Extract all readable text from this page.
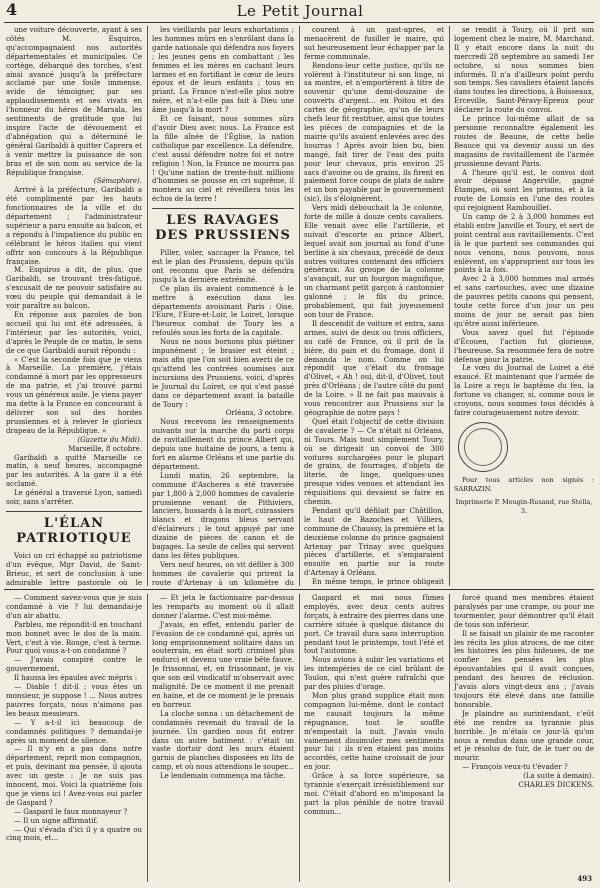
4	Le Petit Journal

une voiture découverte, ayant à ses côtés M. Esquiros, qu'accompagnaient nos autorités départementales et municipales. Ce cortège, débarqué des torches, s'est ainsi avancé jusqu'à la préfecture acclamé par une foule immense, avide de témoigner, par ses applaudissements et ses vivats en l'honneur du héros de Marsala, les sentiments de gratitude que lui inspire l'acte de dévouement et d'abnégation qui a déterminé le général Garibaldi à quitter Caprera et à venir mettre la puissance de son bras et de son nom au service de la République française.

(Sémaphore).

Arrivé à la préfecture, Garibaldi a été complimenté par les hauts fonctionnaires de la ville et du département ; l'administrateur supérieur a paru ensuite au balcon, et a répondu à l'impatience du public en célébrant le héros italien qui vient offrir son concours à la République française.

M. Esquiros a dit, de plus, que Garibaldi, se trouvant très-fatigué, s'excusait de ne pouvoir satisfaire au vœu du peuple qui demandait à le voir paraître au balcon.

En réponse aux paroles de bon accueil qui lui ont été adressées, à l'intérieur, par les autorités, voici, d'après le Peuple de ce matin, le sens de ce que Garibaldi aurait répondu :

« C'est la seconde fois que je viens à Marseille. La première, j'étais condamné à mort par les oppresseurs de ma patrie, et j'ai trouvé parmi vous un généreux asile. Je viens payer ma dette à la France en concourant à délivrer son sol des hordes prussiennes et à relever le glorieux drapeau de la République. »

(Gazette du Midi).

Marseille, 8 octobre.

Garibaldi a quitté Marseille ce matin, à neuf heures, accompagné par les autorités. A la gare il a été acclamé.

Le général a traversé Lyon, samedi soir, sans s'arrêter.

L'ÉLAN PATRIOTIQUE

Voici un cri échappé au patriotisme d'un évêque, Mgr David, de Saint-Brieuc, et sert de conclusion à une admirable lettre pastorale où le

les vieillards par leurs exhortations ; les hommes mûrs en s'enrôlant dans la garde nationale qui défendra nos foyers ; les jeunes gens en combattant ; les femmes et les mères en cachant leurs larmes et en fortifiant le cœur de leurs époux et de leurs enfants ; tous en priant. La France n'est-elle plus notre mère, et n'a-t-elle pas fait à Dieu une âme jusqu'à la mort ?

Et ce faisant, nous sommes sûrs d'avoir Dieu avec nous. La France est la fille aînée de l'Église, la nation catholique par excellence. La défendre, c'est aussi défendre notre foi et notre religion ! Non, la France ne mourra pas ! Qu'une nation de trente-huit millions d'hommes se pousse en cri suprême, il montera au ciel et réveillera tous les échos de la terre !

LES RAVAGES DES PRUSSIENS

Piller, voler, saccager la France, tel est le plan des Prussiens, depuis qu'ils ont reconnu que Paris se défendra jusqu'à la dernière extrémité.

Ce plan ils avaient commencé à le mettre à exécution dans les départements avoisinant Paris : Oise, l'Eure, l'Eure-et-Loir, le Loiret, lorsque l'heureux combat de Toury les a refoulés sous les forts de la capitale.

Nous ne nous bornons plus piétiner impunément ; le brasier est éteint ; mais afin que l'on soit bien averti de ce qu'attend les contrées soumises aux incursions des Prussiens, voici, d'après le Journal du Loiret, ce qui s'est passé dans ce département avant la bataille de Toury :

Orléans, 3 octobre.

Nous recevons les renseignements suivants sur la marche du parti corps de ravitaillement du prince Albert qui, depuis une huitaine de jours, a tenu à fort en alarme Orléans et une partie du département.

Lundi matin, 26 septembre, la commune d'Ascheres a été traversée par 1,800 à 2,000 hommes de cavalerie prussienne venant de Pithiviers, lanciers, hussards à la mort, cuirassiers blancs et dragons bleus servant d'éclaireurs ; le tout appuyé par une dizaine de pièces de canon et de bagages. La seule de celles qui servent dans les fêtes publiques.

Vers neuf heures, on vit défiler à 300 hommes de cavalerie qui prirent la route d'Artenay à un kilomètre du

courent à un gast-apres, et menacèrent de fusiller le maire, qui sut heureusement leur échapper par la ferme communale.

Rendons-leur cette justice, qu'ils ne volèrent à l'instituteur ni son linge, ni sa montre, et n'emportèrent à titre de souvenir qu'une demi-douzaine de couverts d'argent... en Poitou et des cartes de géographie, qu'un de leurs chefs leur fit restituer, ainsi que toutes les pièces de compagnies et de la mairie qu'ils avaient enlevées avec des hourras ! Après avoir bien bu, bien mangé, fait tirer de l'eau des puits pour leur chevaux, pris environ 25 sacs d'avoine ou de grains, ils firent en paiement force coups de plats de sabre et un bon payable par le gouvernement (sic), ils s'éloignèrent.

Vers midi débouchait la 3e colonne, forte de mille à douze cents cavaliers. Elle venait avec elle l'artillerie, et suivait d'escorte au prince Albert, lequel avait son journal au fond d'une berline à six chevaux, précédé de deux autres voitures contenant des officiers généraux. Au groupe de la colonne s'avançait, sur un fourgon magnifique, un charmant petit garçon à cantonnier galonné ; le fils du prince, probablement, qui fait joyeusement son tour de France.

Il descendit de voiture et entra, sans armes, suivi de deux ou trois officiers, au café de France, où il prit de la bière, du pain et du fromage, dont il demanda le nom. Comme on lui répondit que c'était du fromage d'Olivet, « Ah ! oui, dit-il, d'Olivet, tout près d'Orléans ; de l'autre côté du pont de la Loire. » Il ne fait pas mauvais à vous rencontrer aux Prussiens sur la géographie de notre pays !

Quel était l'objectif de cette division de cavalerie ? — Ce n'était ni Orléans, ni Tours. Mais tout simplement Toury, où se dirigeait un convoi de 300 voitures surchargées pour le plupart de grains, de fourrages, d'objets de literie, de linge, quelques-unes presque vides venues et attendant les réquisitions qui devaient se faire en chemin.

Pendant qu'il défilait par Châtillon, le haut de Bazoches et Villiers, commune de Chaussy, la première et la deuxième colonne du prince gagnaient Artenay par Trinay avec quelques pièces d'artillerie, et s'emparaient ensuite en partie sur la route d'Artenay à Orléans.

En même temps, le prince obligeait

se rendit à Toury, où il prit son logement chez le maire, M. Marchand. Il y était encore dans la nuit du mercredi 28 septembre au samedi 1er octobre, si nous sommes bien informés. Il n'a d'ailleurs point perdu son temps. Ses cavaliers étaient lancés dans toutes les directions, à Boisseaux, Erceville, Saint-Péravy-Epreux pour déclarer la route du convoi.

Le prince lui-même allait de sa personne reconnaître également les routes de Beaune, de cette belle Beauce qui va devenir aussi un des magasins de ravitaillement de l'armée prussienne devant Paris.

A l'heure qu'il est, le convoi doit avoir dépassé Angerville, gagné Étampes, où sont les prisons, et à la route de Lomsis en l'une des routes qui rejoignent Rambouillet.

Un camp de 2 à 3,000 hommes est établi entre Janville et Toury, et sert de point central aux ravitaillements. C'est là le que partent ses commandes qui nous venons, nous pouvons, nous enlèvent, on s'approprient sur tous les points à la fois.

Avec 2 à 3,000 hommes mal armés et sans cartouches, avec une dizaine de pauvres petits canons qui pensent, toute cette force d'un jour un peu moins de jour ne serait pas bien qu'être aussi inférieure.

Vous savez quel fut l'épisode d'Écouen, l'action fut glorieuse, l'heureuse. Sa renommée fera de notre défense pour la patrie.

Le vœu du Journal de Loiret a été exaucé. Et maintenant que l'armée de la Loire a reçu le baptême du feu, la fortune va changer, si, comme nous le croyons, nous sommes tous décidés à faire courageusement notre devoir.

Pour tous articles non signés : SARRAZIN.

Imprimerie P. Mougin-Rusand, rue Stella, 3.

— Comment savez-vous que je suis condamné à vie ? lui demandai-je d'un air abattu.

Parbleu, me répondit-il en touchant mon bonnet avec le dos de la main. Vert, c'est à vie. Rouge, c'est à terme. Pour quoi vous a-t-on condamné ?

— J'avais conspiré contre le gouvernement.

Il haussa les épaules avec mépris :

— Diable ! dit-il ; vous êtes un monsieur, je suppose ! ... Nous autres pauvres forçats, nous n'aimons pas les beaux messieurs.

— Y a-t-il ici beaucoup de condamnés politiques ? demandai-je après un moment de silence.

— Il n'y en a pas dans notre département, reprit mon compagnon, et puis, devinant ma pensée, il ajouta avec un geste : Je ne suis pas innocent, moi. Voici la quatrième fois que je viens ici ! Avez-vous oui parler de Gaspard ?

— Gaspard le faux monnayeur ?

— Il un signe affirmatif.

— Qui s'évada d'ici il y a quatre ou cinq mois, et...

— Et jeta le factionnaire par-dessus les remparts au moment où il allait donner l'alarme. C'est moi-même.

J'avais, en effet, entendu parler de l'évasion de ce condamné qui, après un long emprisonnement solitaire dans un souterrain, en était sorti criminel plus endurci et devenu une vraie bête fauve. Je frissonnai, et, en frissonnant, je vis que son œil vindicatif m'observait avec malignité. De ce moment il me prenait en haine, et de ce moment je le prenais en horreur.

La cloche sonna : un détachement de condamnés revenait du travail de la journée. Un gardien nous fit entrer dans un autre batiment : c'était un vaste dortoir dont les murs étaient garnis de planches disposées en lits de camp, et où nous attendions le souper...

Le lendemain commença ma tâche.

Gaspard et moi nous fûmes employés, avec deux cents autres forçats, à extraire des pierres dans une carrière située à quelque distance du port. Ce travail dura sans interruption pendant tout le printemps, tout l'été et tout l'automne.

Nous avions à subir les variations et les intempéries de ce ciel brûlant de Toulon, qui n'est guère rafraîchi que par des pluies d'orage.

Mon plus grand supplice était mon compagnon lui-même, dont le contact me causait toujours la même répugnance, tout le souffle m'empestait la nuit. J'avais voulu vainement dissimuler mes sentiments pour lui : ils n'en étaient pas moins accordés, cette haine croissait de jour en jour.

Grâce à sa force supérieure, sa tyrannie s'exerçait irrésistiblement sur moi. C'était d'abord en m'imposant la part la plus pénible de notre travail commun...

forcé quand mes membres étaient paralysés par une crampe, ou pour me tourmenter, pour démontrer qu'il était de tous son inférieur.

Il se faisait un plaisir de me raconter les récits les plus atroces, de me citer les histoires les plus hideuses, de me confier les pensées les plus épouvantables qui il avait conçues, pendant des heures de réclusion. J'avais alors vingt-deux ans ; j'avais toujours été élevé dans une famille honorable.

Je plaindre au surintendant, c'eût été me rendre sa tyrannie plus horrible. Je m'étais ce jour-là qu'on nous a rendus dans une grande cour, et je résolus de fuir, de le tuer ou de mourir.

— François veux-tu t'évader ?

(La suite à demain).

CHARLES DICKENS.

493
